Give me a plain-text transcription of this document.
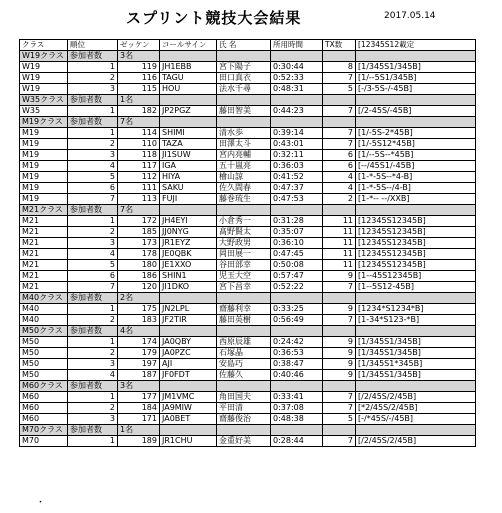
スプリント競技大会結果	2017.05.14
クラス	順位	ゼッケン	コールサイン	氏 名	所用時間	TX数	[12345S12載定
W19クラス	参加者数	3名					
W19	1	119	JH1EBB	宮下陽子	0:30:44	8	[1/345S1/345B]
W19	2	116	TAGU	田口真衣	0:52:33	7	[1/--5S1/345B]
W19	3	115	HOU	法水千尋	0:48:31	5	[-/3-5S-/-45B]
W35クラス	参加者数	1名					
W35	1	182	JP2PGZ	藤田智美	0:44:23	7	[/2-45S/-45B]
M19クラス	参加者数	7名					
M19	1	114	SHIMI	清水歩	0:39:14	7	[1/-5S-2*45B]
M19	2	110	TAZA	田澤太斗	0:43:01	7	[1/-5S12*45B]
M19	3	118	JI1SUW	宮内亮輔	0:32:11	6	[1/--5S--*45B]
M19	4	117	IGA	五十嵐亮	0:36:03	6	[--/45S1/-45B]
M19	5	112	HIYA	檜山諒	0:41:52	4	[1-*-5S--*4-B]
M19	6	111	SAKU	佐久間春	0:47:37	4	[1-*-5S--/4-B]
M19	7	113	FUJI	藤巻琉生	0:47:53	2	[1-*-- --/XXB]
M21クラス	参加者数	7名					
M21	1	172	JH4EYI	小倉秀一	0:31:28	11	[12345S12345B]
M21	2	185	JJ0NYG	髙野賢太	0:35:07	11	[12345S12345B]
M21	3	173	JR1EYZ	大野政男	0:36:10	11	[12345S12345B]
M21	4	178	JE0QBK	岡田展一	0:47:45	11	[12345S12345B]
M21	5	180	JE1XXO	谷田部幸	0:50:08	11	[12345S12345B]
M21	6	186	SHIN1	児玉大空	0:57:47	9	[1--45S12345B]
M21	7	120	JI1DKO	宮下昌幸	0:52:22	7	[1--5S12-45B]
M40クラス	参加者数	2名					
M40	1	175	JN2LPL	齋藤利幸	0:33:25	9	[1234*S1234*B]
M40	2	183	JF2TIR	藤田英樹	0:56:49	7	[1-34*S123-*B]
M50クラス	参加者数	4名					
M50	1	174	JA0QBY	西原辰雄	0:24:42	9	[1/345S1/345B]
M50	2	179	JA0PZC	石塚晶	0:36:53	9	[1/345S1/345B]
M50	3	197	AJI	安島巧	0:38:47	9	[1/345S1*345B]
M50	4	187	JF0FDT	佐藤久	0:40:46	9	[1/345S1/345B]
M60クラス	参加者数	3名					
M60	1	177	JM1VMC	角田国夫	0:33:41	7	[/2/45S/2/45B]
M60	2	184	JA9MIW	平田清	0:37:08	7	[*2/45S/2/45B]
M60	3	171	JA0BET	齋藤俊治	0:48:38	5	[-/*45S/-/45B]
M70クラス	参加者数	1名					
M70	1	189	JR1CHU	金重好美	0:28:44	7	[/2/45S/2/45B]
・
